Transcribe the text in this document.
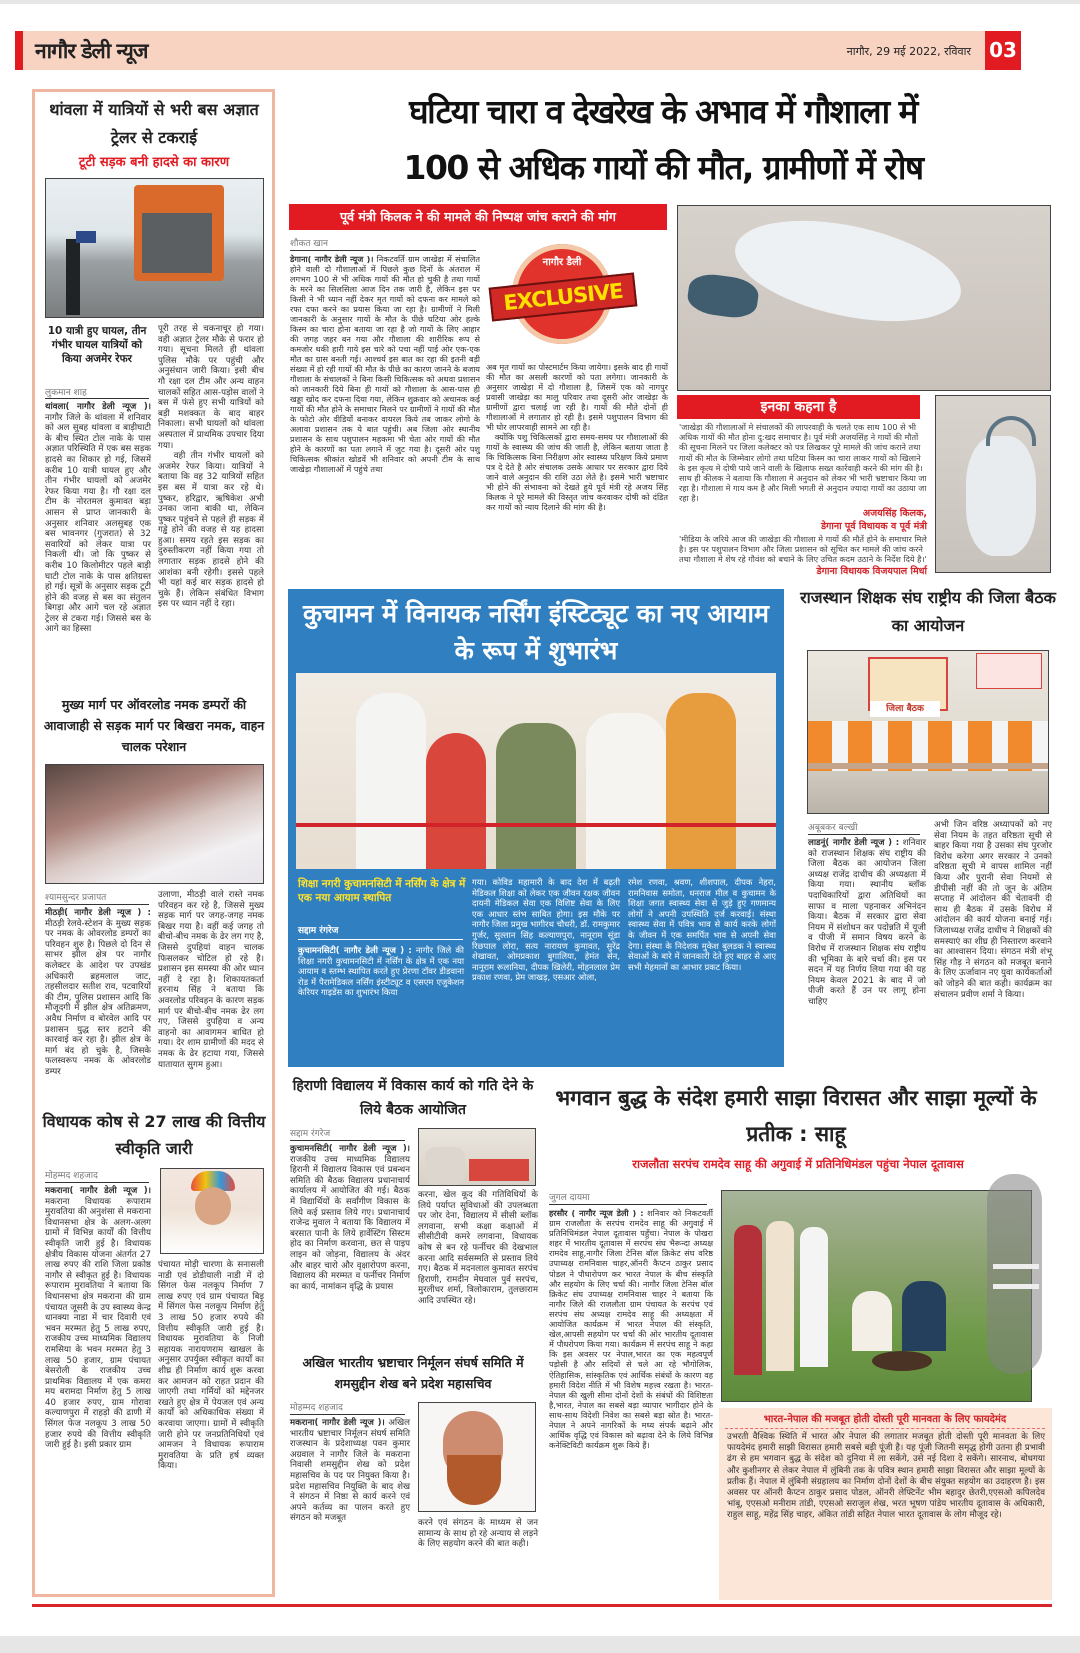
नागौर डेली न्यूज	नागौर, 29 मई 2022, रविवार 03
थांवला में यात्रियों से भरी बस अज्ञात ट्रेलर से टकराई
टूटी सड़क बनी हादसे का कारण
10 यात्री हुए घायल, तीन गंभीर घायल यात्रियों को किया अजमेर रेफर
लुकमान शाह
थांवला( नागौर डेली न्यूज )। नागौर जिले के थांवला में शनिवार को अल सुबह थांवला व बाड़ीघाटी के बीच स्थित टोल नाके के पास अज्ञात परिस्थिति में एक बस सड़क हादसे का शिकार हो गई, जिसमें करीब 10 यात्री घायल हुए और तीन गंभीर घायलों को अजमेर रेफर किया गया है। गौ रक्षा दल टीम के नोरतमल कुमावत बड़ा आसन से प्राप्त जानकारी के अनुसार शनिवार अलसुबह एक बस भावनगर (गुजरात) से 32 सवारियों को लेकर यात्रा पर निकली थी। जो कि पुष्कर से करीब 10 किलोमीटर पहले बाड़ी घाटी टोल नाके के पास क्षतिग्रस्त हो गई। सूत्रों के अनुसार सड़क टूटी होने की वजह से बस का संतुलन बिगड़ा और आगे चल रहे अज्ञात ट्रेलर से टकरा गई। जिससे बस के आगे का हिस्सा
पूरी तरह से चकनाचूर हो गया। वही अज्ञात ट्रेलर मौके से फरार हो गया। सूचना मिलते ही थांवला पुलिस मौके पर पहुंची और अनुसंधान जारी किया। इसी बीच गौ रक्षा दल टीम और अन्य वाहन चालकों सहित आस-पड़ोस वालों ने बस में फंसे हुए सभी यात्रियों को बड़ी मशक्कत के बाद बाहर निकाला। सभी घायलों को थांवला अस्पताल में प्राथमिक उपचार दिया गया।
वही तीन गंभीर घायलों को अजमेर रेफर किया। यात्रियों ने बताया कि वह 32 यात्रियों सहित इस बस में यात्रा कर रहे थे। पुष्कर, हरिद्वार, ऋषिकेश अभी उनका जाना बाकी था, लेकिन पुष्कर पहुंचने से पहले ही सड़क में गड्ढे होने की वजह से यह हादसा हुआ। समय रहते इस सड़क का दुरुस्तीकरण नहीं किया गया तो लगातार सड़क हादसे होने की आशंका बनी रहेगी। इससे पहले भी यहां कई बार सड़क हादसे हो चुके हैं। लेकिन संबंधित विभाग इस पर ध्यान नहीं दे रहा।
मुख्य मार्ग पर ऑवरलोड नमक डम्परों की आवाजाही से सड़क मार्ग पर बिखरा नमक, वाहन चालक परेशान
श्यामसुन्दर प्रजापत
मीठड़ी( नागौर डेली न्यूज ) : मीठड़ी रेलवे-स्टेशन के मुख्य सड़क पर नमक के ओवरलोड डम्परों का परिवहन शुरु है। पिछले दो दिन से साभर झील क्षेत्र पर नागौर कलेक्टर के आदेश पर उपखंड अधिकारी ब्रहमलाल जाट, तहसीलदार सतीश राव, पटवारियों की टीम, पुलिस प्रशासन आदि कि मौजूदगी में झील क्षेत्र अतिक्रमण, अवैध निर्माण व बोरवेल आदि पर प्रशासन युद्ध स्तर हटाने की कारवाई कर रहा है। झील क्षेत्र के मार्ग बंद हो चुके है, जिसके फलस्वरूप नमक के ओवरलोड डम्पर
उलाणा, मीठड़ी वाले रास्ते नमक परिवहन कर रहे है, जिससे मुख्य सड़क मार्ग पर जगह-जगह नमक बिखर गया है। वहीं कई जगह तो बीचो-बीच नमक के ढेर लग गए है, जिससे दुपहियां वाहन चालक फिसलकर चोटिल हो रहे है। प्रशासन इस समस्या की ओर ध्यान नहीं दे रहा है। शिकायतकर्ता हरनाथ सिंह ने बताया कि अवरलोड परिवहन के कारण सड़क मार्ग पर बीचो-बीच नमक ढेर लग गए, जिससे दुपहिया व अन्य वाहनो का आवागमन बाधित हो गया। देर शाम ग्रामीणों की मदद से नमक के ढेर हटाया गया, जिससे यातायात सुगम हुआ।
विधायक कोष से 27 लाख की वित्तीय स्वीकृति जारी
मोहम्मद शहजाद
मकराना( नागौर डेली न्यूज )। मकराना विधायक रूपाराम मुरावतिया की अनुशंसा से मकराना विधानसभा क्षेत्र के अलग-अलग ग्रामों में विभिन्न कार्यों की वित्तीय स्वीकृति जारी हुई है। विधायक क्षेत्रीय विकास योजना अंतर्गत 27 लाख रुपए की राशि जिला प्रकोष्ठ नागौर से स्वीकृत हुई है। विधायक रूपाराम मुरावतिया ने बताया कि विधानसभा क्षेत्र मकराना की ग्राम पंचायत जूसरी के उप स्वास्थ्य केन्द्र धानक्या नाडा में चार दिवारी एवं भवन मरम्मत हेतु 5 लाख रुपए, राजकीय उच्च माध्यमिक विद्यालय रामसिया के भवन मरम्मत हेतु 3 लाख 50 हजार, ग्राम पंचायत बेसरोली के राजकीय उच्च प्राथमिक विद्यालय में एक कमरा मय बरामदा निर्माण हेतु 5 लाख 40 हजार रुपए, ग्राम गोरावा कल्याणपुरा में राहड़ो की ढाणी में सिंगल फेज नलकूप 3 लाख 50 हजार रुपये की वित्तीय स्वीकृति जारी हुई है। इसी प्रकार ग्राम
पंचायत मोड़ी चारणा के सनासली नाडी एवं डोडीयाली नाडी में दो सिंगल फेस नलकूप निर्माण 7 लाख रुपए एवं ग्राम पंचायत बिड़ू में सिंगल फेस नलकूप निर्माण हेतु 3 लाख 50 हजार रुपये की वित्तीय स्वीकृति जारी हुई है। विधायक मुरावतिया के निजी सहायक नारायणराम खाखल के अनुसार उपर्युक्त स्वीकृत कार्यों का शीघ्र ही निर्माण कार्य शुरू करवा कर आमजन को राहत प्रदान की जाएगी तथा गर्मियों को मद्देनजर रखते हुए क्षेत्र में पेयजल एवं अन्य कार्यों को अधिकाधिक संख्या में करवाया जाएगा। ग्रामों में स्वीकृति जारी होने पर जनप्रतिनिधियों एवं आमजन ने विधायक रूपाराम मुरावतिया के प्रति हर्ष व्यक्त किया।
घटिया चारा व देखरेख के अभाव में गौशाला में
100 से अधिक गायों की मौत, ग्रामीणों में रोष
पूर्व मंत्री किलक ने की मामले की निष्पक्ष जांच कराने की मांग
शौकत खान
डेगाना( नागौर डेली न्यूज )। निकटवर्ति ग्राम जाखेड़ा में संचालित होने वाली दो गौशालाओं में पिछले कुछ दिनों के अंतराल में लगभग 100 से भी अधिक गायों की मौत हो चुकी है तथा गायों के मरने का सिलसिला आज दिन तक जारी है, लेकिन इस पर किसी ने भी ध्यान नहीं देकर मृत गायों को दफना कर मामले को रफा दफा करने का प्रयास किया जा रहा है। ग्रामीणों ने मिली जानकारी के अनुसार गायों के मौत के पीछे घटिया ओर हल्के किस्म का चारा होना बताया जा रहा है जो गायों के लिए आहार की जगह जहर बन गया और गौशाला की शारीरिक रूप से कमजोर थकी हारी गाये इस चारे को पचा नहीं पाई ओर एक-एक मौत का ग्रास बनती गई। आश्चर्य इस बात का रहा की इतनी बड़ी संख्या में हो रही गायों की मौत के पीछे का कारण जानने के बजाय गौशाला के संचालकों ने बिना किसी चिकित्सक को अथवा प्रशासन को जानकारी दिये बिना ही गायों को गौशाला के आस-पास ही खड्डा खोद कर दफना दिया गया, लेकिन शुक्रवार को अचानक कई गायों की मौत होने के समाचार मिलने पर ग्रामीणों ने गायों की मौत के फोटो ओर वीडियों बनाकर वायरल किये तब जाकर लोगो के अलावा प्रशासन तक ये बात पहुंची। अब जिला ओर स्थानीय प्रशासन के साथ पशुपालन महकमा भी चेता ओर गायों की मौत होने के कारणों का पता लगाने में जुट गया है। दूसरी ओर पशु चिकित्सक श्रीकांत खोडवें भी शनिवार को अपनी टीम के साथ जाखेड़ा गौशालाओं में पहुंचे तथा
नागौर डैली
EXCLUSIVE
अब मृत गायों का पोस्टमार्टम किया जायेगा। इसके बाद ही गायों की मौत का असली कारणों को पता लगेगा। जानकारी के अनुसार जाखेड़ा में दो गौशाला है, जिसमें एक को नागपुर प्रवासी जाखेड़ा का मालु परिवार तथा दूसरी ओर जाखेड़ा के ग्रामीणों द्वारा चलाई जा रही है। गायों की मौते दोनों ही गौशालाओं मे लगातार हो रही है। इसमे पशुपालन विभाग की भी घोर लापरवाही सामने आ रही है।
क्योंकि पशु चिकित्सकों द्वारा समय-समय पर गौशालाओं की गायों के स्वास्थ्य की जांच की जाती है, लेकिन बताया जाता है कि चिकित्सक बिना निरीक्षण ओर स्वास्थ्य परिक्षण किये प्रमाण पत्र दे देते है ओर संचालक उसके आधार पर सरकार द्वारा दिये जाने वाले अनुदान की राशि उठा लेते है। इसमे भारी भ्रष्टाचार भी होने की संभावना को देखते हुये पूर्व मंत्री रहे अजय सिंह किलक ने पूरे मामले की विस्तृत जांच करवाकर दोषी को दंडित कर गायों को न्याय दिलाने की मांग की है।
इनका कहना है
'जाखेड़ा की गौशालाओं मे संचालकों की लापरवाही के चलते एक साथ 100 से भी अधिक गायों की मौत होना दु:खद समाचार है। पूर्व मंत्री अजयसिंह ने गायों की मौतों की सूचना मिलने पर जिला कलेक्टर को पत्र लिखकर पूरे मामले की जांच कराने तथा गायों की मौत के जिम्मेवार लोगो तथा घटिया किस्म का चारा लाकर गायों को खिलाने के इस कृत्य मे दोषी पाये जाने वाली के खिलाफ सख्त कार्रवाही करने की मांग की है। साथ ही कीलक ने बताया कि गौशाला मे अनुदान को लेकर भी भारी भ्रष्टाचार किया जा रहा है। गौशाला मे गाय कम है और मिली भगती से अनुदान ज्यादा गायों का उठाया जा रहा है।
अजयसिंह किलक,
डेगाना पूर्व विधायक व पूर्व मंत्री
'मीडिया के जरिये आज की जाखेड़ा की गौशाला मे गायों की मौतें होने के समाचार मिले है। इस पर पशुपालन विभाग और जिला प्रशासन को सूचित कर मामले की जांच करने तथा गौशाला मे शेष रहे गौवंश को बचाने के लिए उचित कदम उठाने के निर्देश दिये है।'
डेगाना विधायक विजयपाल मिर्धा
कुचामन में विनायक नर्सिंग इंस्टिट्यूट का नए आयाम के रूप में शुभारंभ
शिक्षा नगरी कुचामनसिटी में नर्सिंग के क्षेत्र में एक नया आयाम स्थापित
सद्दाम रंगरेज
कुचामनसिटी( नागौर डेली न्यूज ) : नागौर जिले की शिक्षा नगरी कुचामनसिटी में नर्सिंग के क्षेत्र में एक नया आयाम व स्तम्भ स्थापित करते हुए प्रेरणा टॉवर डीडवाना रोड में पैरामेडिकल नर्सिंग इंस्टीट्यूट व एसएम एजुकेशन केरियर गाइडेंस का शुभारंभ किया
गया। कोविड महामारी के बाद देश में बढ़ती मेडिकल शिक्षा को लेकर एक जीवन रक्षक जीवन दायनी मेडिकल सेवा एक विशिष्ट सेवा के लिए एक आधार स्तंभ साबित होगा। इस मौके पर नागौर जिला प्रमुख भागीरथ चौधरी, डॉ. रामकुमार गुर्जर, सुल्तान सिंह कल्याणपुरा, नानूराम सूंडा रिछपाल लोरा, सत्य नारायण कुमावत, सुरेंद्र शेखावत, ओमप्रकाश बुगालिया, हेमंत सेन, नानूराम रूलानिया, दीपक खिलेरी, मोहनलाल प्रेम प्रकाश रणवा, प्रेम जाखड़, एसआर ओला,
रमेश रणवा, श्रवण, शीशपाल, दीपक नेहरा, रामनिवास समोता, धनराज मील व कुचामन के शिक्षा जगत स्वास्थ्य सेवा से जुड़े हुए गणमान्य लोगों ने अपनी उपस्थिति दर्ज करवाई। संस्था स्वास्थ्य सेवा में पवित्र भाव से कार्य करके लोगों के जीवन में एक समर्पित भाव से अपनी सेवा देगा। संस्था के निदेशक मुकेश बुलडक ने स्वास्थ्य सेवाओं के बारे में जानकारी देते हुए बाहर से आए सभी मेहमानों का आभार प्रकट किया।
राजस्थान शिक्षक संघ राष्ट्रीय की जिला बैठक का आयोजन
जिला बैठक
अबूबकर बल्खी
लाडनूं( नागौर डेली न्यूज ) : शनिवार को राजस्थान शिक्षक संघ राष्ट्रीय की जिला बैठक का आयोजन जिला अध्यक्ष राजेंद्र दाधीच की अध्यक्षता में किया गया। स्थानीय ब्लॉक पदाधिकारियों द्वारा अतिथियों का साफा व माला पहनाकर अभिनंदन किया। बैठक में सरकार द्वारा सेवा नियम में संशोधन कर पदोन्नति में यूजी व पीजी में समान विषय करने के विरोध में राजस्थान शिक्षक संघ राष्ट्रीय की भूमिका के बारे चर्चा की। इस पर सदन में यह निर्णय लिया गया की यह नियम केवल 2021 के बाद में जो पीजी करते हैं उन पर लागू होना चाहिए
अभी जिन वरिष्ठ अध्यापकों को नए सेवा नियम के तहत वरिष्ठता सूची से बाहर किया गया है उसका संघ पुरजोर विरोध करेगा अगर सरकार ने उनको वरिष्ठता सूची मे वापस शामिल नहीं किया और पुरानी सेवा नियमों से डीपीसी नहीं की तो जून के अंतिम सप्ताह में आंदोलन की चेतावनी दी साथ ही बैठक में उसके विरोध में आंदोलन की कार्य योजना बनाई गई। जिलाध्यक्ष राजेंद्र दाधीच ने शिक्षकों की समस्याएं का शीघ्र ही निस्तारण करवाने का आश्वासन दिया। संगठन मंत्री शंभू सिंह गौड़ ने संगठन को मजबूत बनाने के लिए ऊर्जावान नए युवा कार्यकर्ताओं को जोड़ने की बात कही। कार्यक्रम का संचालन प्रवीण शर्मा ने किया।
हिराणी विद्यालय में विकास कार्य को गति देने के लिये बैठक आयोजित
सद्दाम रंगरेज
कुचामनसिटी( नागौर डेली न्यूज )। राजकीय उच्च माध्यमिक विद्यालय हिरानी में विद्यालय विकास एवं प्रबन्धन समिति की बैठक विद्यालय प्रधानाचार्य कार्यालय में आयोजित की गई। बैठक में विद्यार्थियों के सर्वांगीण विकास के लिये कई प्रस्ताव लिये गए। प्रधानाचार्य राजेन्द्र मुवाल ने बताया कि विद्यालय में बरसात पानी के लिये हार्वेस्टिंग सिस्टम होद का निर्माण करवाना, छत से पाइप लाइन को जोड़ना, विद्यालय के अंदर और बाहर चारो और वृक्षारोपण करना, विद्यालय की मरम्मत व फर्नीचर निर्माण का कार्य, नामांकन वृद्धि के प्रयास
करना, खेल कूद की गतिविधियों के लिये पर्याप्त सुविधाओं की उपलब्धता पर जोर देना, विद्यालय में सीसी ब्लॉक लगवाना, सभी कक्षा कक्षाओं में सीसीटीवी कमरे लगवाना, विधायक कोष से बन रहे फर्नीचर की देखभाल करना आदि सर्वसम्मति से प्रस्ताव लिये गए। बैठक में मदनलाल कुमावत सरपंच हिराणी, रामदीन मेघवाल पुर्व सरपंच, मुरलीधर शर्मा, त्रिलोकाराम, तुलछाराम आदि उपस्थित रहे।
अखिल भारतीय भ्रष्टाचार निर्मूलन संघर्ष समिति में शमसुद्दीन शेख बने प्रदेश महासचिव
मोहम्मद शहजाद
मकराना( नागौर डेली न्यूज )। अखिल भारतीय भ्रष्टाचार निर्मूलन संघर्ष समिति राजस्थान के प्रदेशाध्यक्ष पवन कुमार अग्रवाल ने नागौर जिले के मकराना निवासी शमसुद्दीन शेख को प्रदेश महासचिव के पद पर नियुक्त किया है। प्रदेश महासचिव नियुक्ति के बाद शेख ने संगठन में निष्ठा से कार्य करने एवं अपने कर्तव्य का पालन करते हुए संगठन को मजबूत	करने एवं संगठन के माध्यम से जन सामान्य के साथ हो रहे अन्याय से लड़ने के लिए सहयोग करने की बात कही।
भगवान बुद्ध के संदेश हमारी साझा विरासत और साझा मूल्यों के प्रतीक : साहू
राजलौता सरपंच रामदेव साहू की अगुवाई में प्रतिनिधिमंडल पहुंचा नेपाल दूतावास
जुगल दायमा
हरसौर ( नागौर न्यूज डेली ) : शनिवार को निकटवर्ती ग्राम राजलौता के सरपंच रामदेव साहू की अगुवाई में प्रतिनिधिमंडल नेपाल दूतावास पहुँचा। नेपाल के पोखरा शहर में भारतीय दूतावास में सरपंच संघ भैरून्दा अध्यक्ष रामदेव साहू,नागौर जिला टेनिस बॉल क्रिकेट संघ वरिष्ठ उपाध्यक्ष रामनिवास चाहर,ऑनरी कैप्टन ठाकुर प्रसाद पोडल ने पौधारोपण कर भारत नेपाल के बीच संस्कृति और सहयोग के लिए चर्चा की। नागौर जिला टेनिस बॉल क्रिकेट संघ उपाध्यक्ष रामनिवास चाहर ने बताया कि नागौर जिले की राजलौता ग्राम पंचायत के सरपंच एवं सरपंच संघ अध्यक्ष रामदेव साहू की अध्यक्षता में आयोजित कार्यक्रम में भारत नेपाल की संस्कृति, खेल,आपसी सहयोग पर चर्चा की ओर भारतीय दूतावास में पौधरोपण किया गया। कार्यक्रम में सरपंच साहू ने कहा कि इस अवसर पर नेपाल,भारत का एक महत्वपूर्ण पड़ोसी है और सदियों से चले आ रहे भौगोलिक, ऐतिहासिक, सांस्कृतिक एवं आर्थिक संबंधों के कारण वह हमारी विदेश नीति में भी विशेष महत्त्व रखता है। भारत-नेपाल की खुली सीमा दोनों देशों के संबंधों की विशिष्टता है,भारत, नेपाल का सबसे बड़ा व्यापार भागीदार होने के साथ-साथ विदेशी निवेश का सबसे बड़ा स्रोत है। भारत-नेपाल ने अपने नागरिकों के मध्य संपर्क बढ़ाने और आर्थिक वृद्धि एवं विकास को बढ़ावा देने के लिये विभिन्न कनेक्टिविटी कार्यक्रम शुरू किये हैं।
भारत-नेपाल की मजबूत होती दोस्ती पूरी मानवता के लिए फायदेमंद
उभरती वैश्विक स्थिति में भारत और नेपाल की लगातार मजबूत होती दोस्ती पूरी मानवता के लिए फायदेमंद हमारी साझी विरासत हमारी सबसे बड़ी पूंजी है। यह पूंजी जितनी समृद्ध होगी उतना ही प्रभावी ढंग से हम भगवान बुद्ध के संदेश को दुनिया में ला सकेंगे, उसे नई दिशा दे सकेंगे। सारनाथ, बोधगया और कुशीनगर से लेकर नेपाल में लुंबिनी तक के पवित्र स्थान हमारी साझा विरासत और साझा मूल्यों के प्रतीक हैं। नेपाल में लुंबिनी संग्रहालय का निर्माण दोनों देशों के बीच संयुक्त सहयोग का उदाहरण है। इस अवसर पर ऑनरी कैप्टन ठाकुर प्रसाद पोडल, ऑनरी लेफ्टिनेंट भीम बहादुर छेतरी,एएसओ कपिलदेव भांबू, एएसओ मनीराम तांडी, एएसओ सराजुल शेख, भरत भूषण पांडेय भारतीय दूतावास के अधिकारी, राहुल साहू, महेंद्र सिंह चाहर, अंकित तांडी सहित नेपाल भारत दूतावास के लोग मौजूद रहे।
